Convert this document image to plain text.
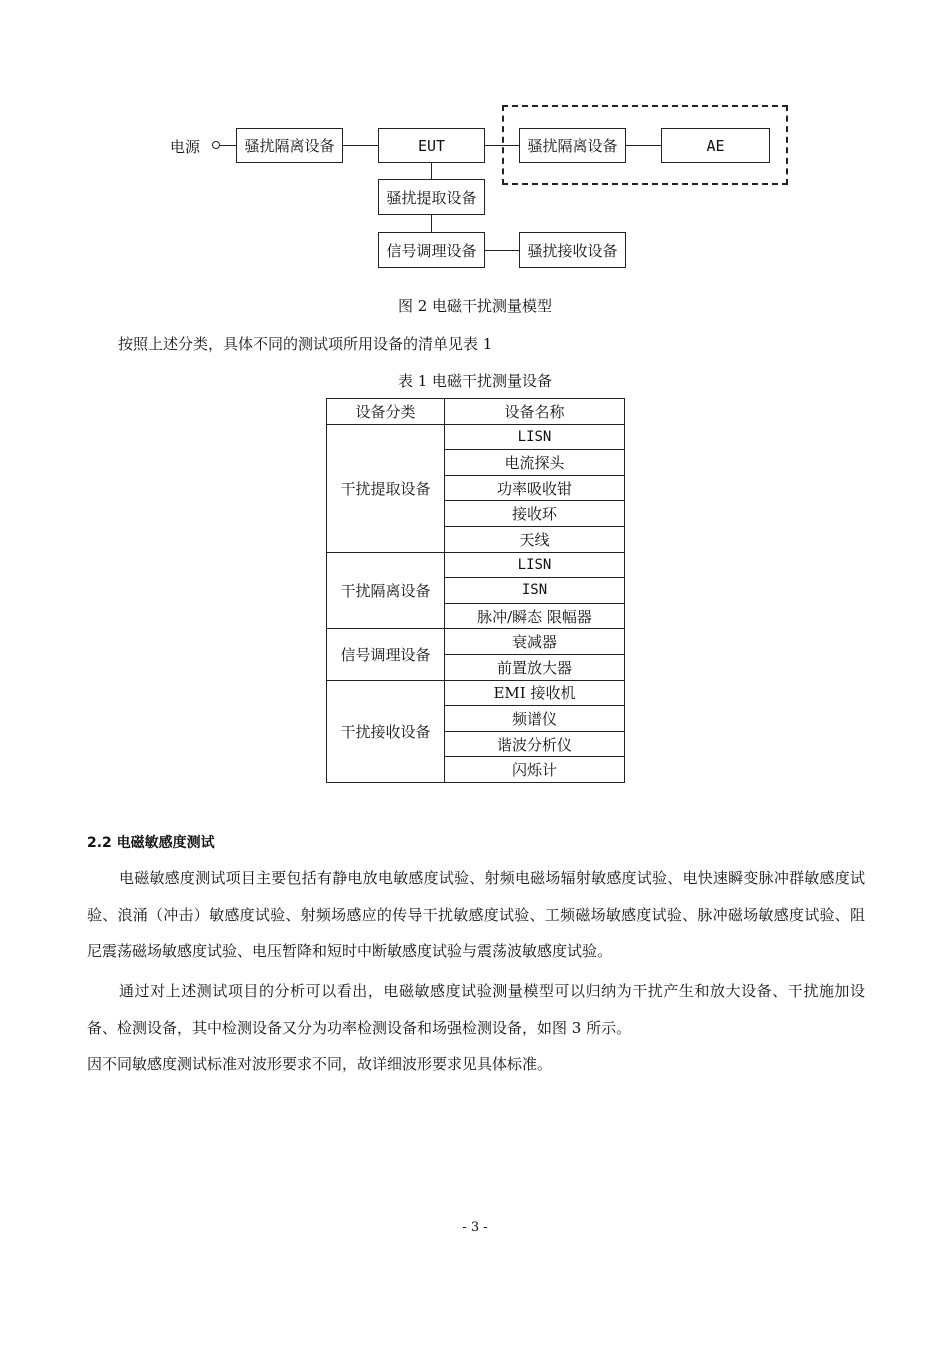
电源	骚扰隔离设备	EUT	骚扰隔离设备	AE
骚扰提取设备
信号调理设备	骚扰接收设备
图 2 电磁干扰测量模型
按照上述分类，具体不同的测试项所用设备的清单见表 1
表 1 电磁干扰测量设备
设备分类	设备名称
干扰提取设备	LISN
	电流探头
	功率吸收钳
	接收环
	天线
干扰隔离设备	LISN
	ISN
	脉冲/瞬态 限幅器
信号调理设备	衰减器
	前置放大器
干扰接收设备	EMI 接收机
	频谱仪
	谐波分析仪
	闪烁计
2.2 电磁敏感度测试

电磁敏感度测试项目主要包括有静电放电敏感度试验、射频电磁场辐射敏感度试验、电快速瞬变脉冲群敏感度试验、浪涌（冲击）敏感度试验、射频场感应的传导干扰敏感度试验、工频磁场敏感度试验、脉冲磁场敏感度试验、阻尼震荡磁场敏感度试验、电压暂降和短时中断敏感度试验与震荡波敏感度试验。

通过对上述测试项目的分析可以看出，电磁敏感度试验测量模型可以归纳为干扰产生和放大设备、干扰施加设备、检测设备，其中检测设备又分为功率检测设备和场强检测设备，如图 3 所示。

因不同敏感度测试标准对波形要求不同，故详细波形要求见具体标准。

- 3 -
